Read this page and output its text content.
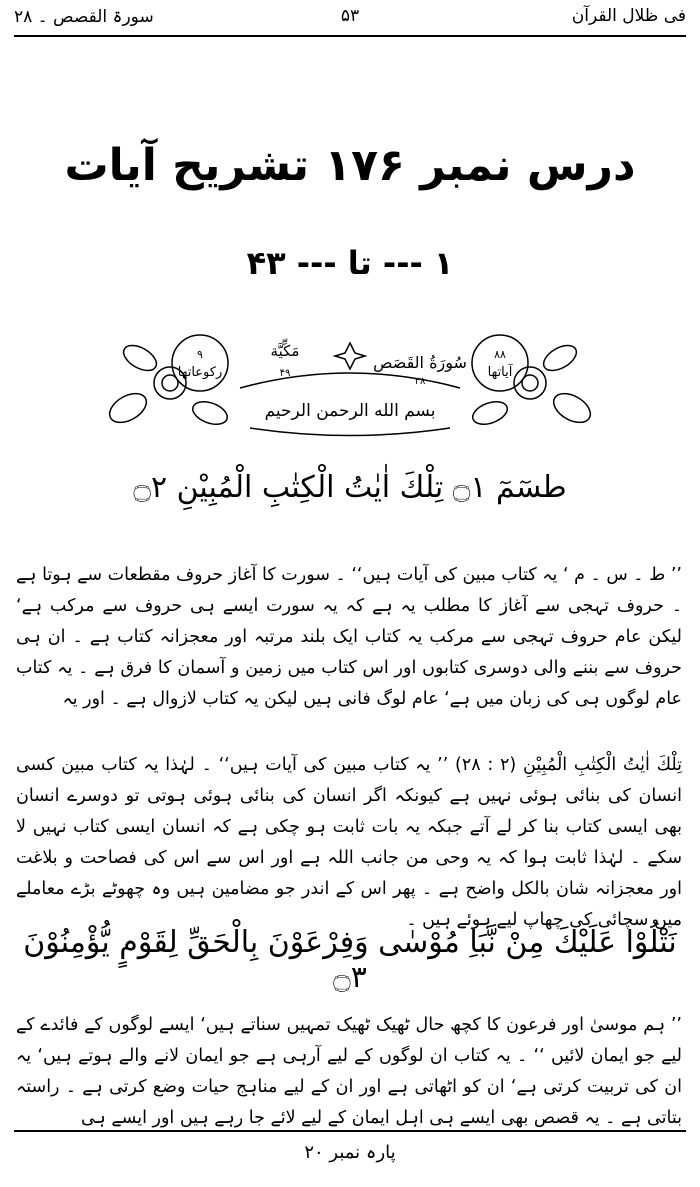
فی ظلال القرآن
۵۳
سورۃ القصص ۔ ۲۸
درس نمبر ۱۷۶ تشریح آیات
۱ --- تا --- ۴۳
۹
رکوعاتها
۸۸
آیاتها
سُورَةُ القَصَص
۲۸
مَكِّيَّة
۴۹
بسم الله الرحمن الرحيم
طسٓمٓ ۝١ تِلْكَ اٰيٰتُ الْكِتٰبِ الْمُبِيْنِ ۝٢
’’ ط ۔ س ۔ م ‘ یہ کتاب مبین کی آیات ہیں‘‘ ۔ سورت کا آغاز حروف مقطعات سے ہوتا ہے ۔ حروف تہجی سے آغاز کا مطلب یہ ہے کہ یہ سورت ایسے ہی حروف سے مرکب ہے‘ لیکن عام حروف تہجی سے مرکب یہ کتاب ایک بلند مرتبہ اور معجزانہ کتاب ہے ۔ ان ہی حروف سے بننے والی دوسری کتابوں اور اس کتاب میں زمین و آسمان کا فرق ہے ۔ یہ کتاب عام لوگوں ہی کی زبان میں ہے‘ عام لوگ فانی ہیں لیکن یہ کتاب لازوال ہے ۔ اور یہ
تِلْكَ اٰيٰتُ الْكِتٰبِ الْمُبِيْنِ (۲ : ۲۸) ’’ یہ کتاب مبین کی آیات ہیں‘‘ ۔ لہٰذا یہ کتاب مبین کسی انسان کی بنائی ہوئی نہیں ہے کیونکہ اگر انسان کی بنائی ہوئی ہوتی تو دوسرے انسان بھی ایسی کتاب بنا کر لے آتے جبکہ یہ بات ثابت ہو چکی ہے کہ انسان ایسی کتاب نہیں لا سکے ۔ لہٰذا ثابت ہوا کہ یہ وحی من جانب اللہ ہے اور اس سے اس کی فصاحت و بلاغت اور معجزانہ شان بالکل واضح ہے ۔ پھر اس کے اندر جو مضامین ہیں وہ چھوٹے بڑے معاملے میں سچائی کی چھاپ لیے ہوئے ہیں ۔
نَتْلُوْا عَلَيْكَ مِنْ نَّبَاِ مُوْسٰى وَفِرْعَوْنَ بِالْحَقِّ لِقَوْمٍ يُّؤْمِنُوْنَ ۝٣
’’ ہم موسیٰ اور فرعون کا کچھ حال ٹھیک ٹھیک تمہیں سناتے ہیں‘ ایسے لوگوں کے فائدے کے لیے جو ایمان لائیں ‘‘ ۔ یہ کتاب ان لوگوں کے لیے آرہی ہے جو ایمان لانے والے ہوتے ہیں‘ یہ ان کی تربیت کرتی ہے‘ ان کو اٹھاتی ہے اور ان کے لیے مناہج حیات وضع کرتی ہے ۔ راستہ بتاتی ہے ۔ یہ قصص بھی ایسے ہی اہل ایمان کے لیے لائے جا رہے ہیں اور ایسے ہی
پارہ نمبر ۲۰
